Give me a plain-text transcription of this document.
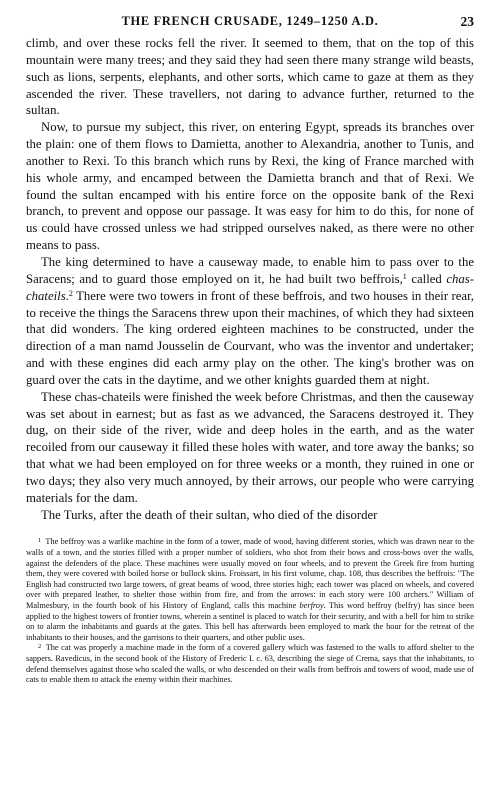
THE FRENCH CRUSADE, 1249–1250 A.D.	23

climb, and over these rocks fell the river. It seemed to them, that on the top of this mountain were many trees; and they said they had seen there many strange wild beasts, such as lions, serpents, elephants, and other sorts, which came to gaze at them as they ascended the river. These travellers, not daring to advance further, returned to the sultan.

Now, to pursue my subject, this river, on entering Egypt, spreads its branches over the plain: one of them flows to Damietta, another to Alexandria, another to Tunis, and another to Rexi. To this branch which runs by Rexi, the king of France marched with his whole army, and encamped between the Damietta branch and that of Rexi. We found the sultan encamped with his entire force on the opposite bank of the Rexi branch, to prevent and oppose our passage. It was easy for him to do this, for none of us could have crossed unless we had stripped ourselves naked, as there were no other means to pass.

The king determined to have a causeway made, to enable him to pass over to the Saracens; and to guard those employed on it, he had built two beffrois,$^1$ called chas-chateils.$^2$ There were two towers in front of these beffrois, and two houses in their rear, to receive the things the Saracens threw upon their machines, of which they had sixteen that did wonders. The king ordered eighteen machines to be constructed, under the direction of a man namd Jousselin de Courvant, who was the inventor and undertaker; and with these engines did each army play on the other. The king's brother was on guard over the cats in the daytime, and we other knights guarded them at night.

These chas-chateils were finished the week before Christmas, and then the causeway was set about in earnest; but as fast as we advanced, the Saracens destroyed it. They dug, on their side of the river, wide and deep holes in the earth, and as the water recoiled from our causeway it filled these holes with water, and tore away the banks; so that what we had been employed on for three weeks or a month, they ruined in one or two days; they also very much annoyed, by their arrows, our people who were carrying materials for the dam.

The Turks, after the death of their sultan, who died of the disorder

$^1$ The beffroy was a warlike machine in the form of a tower, made of wood, having different stories, which was drawn near to the walls of a town, and the stories filled with a proper number of soldiers, who shot from their bows and cross-bows over the walls, against the defenders of the place. These machines were usually moved on four wheels, and to prevent the Greek fire from hurting them, they were covered with boiled horse or bullock skins. Froissart, in his first volume, chap. 108, thus describes the beffrois: "The English had constructed two large towers, of great beams of wood, three stories high; each tower was placed on wheels, and covered over with prepared leather, to shelter those within from fire, and from the arrows: in each story were 100 archers." William of Malmesbury, in the fourth book of his History of England, calls this machine berfroy. This word beffroy (belfry) has since been applied to the highest towers of frontier towns, wherein a sentinel is placed to watch for their security, and with a bell for him to strike on to alarm the inhabitants and guards at the gates. This bell has afterwards been employed to mark the hour for the retreat of the inhabitants to their houses, and the garrisons to their quarters, and other public uses.

$^2$ The cat was properly a machine made in the form of a covered gallery which was fastened to the walls to afford shelter to the sappers. Ravedicus, in the second book of the History of Frederic I. c. 63, describing the siege of Crema, says that the inhabitants, to defend themselves against those who scaled the walls, or who descended on their walls from beffrois and towers of wood, made use of cats to enable them to attack the enemy within their machines.
